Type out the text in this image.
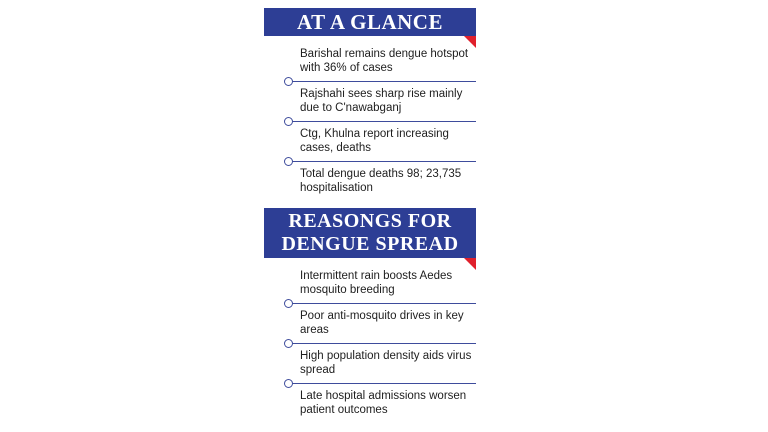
AT A GLANCE
Barishal remains dengue hotspot with 36% of cases
Rajshahi sees sharp rise mainly due to C'nawabganj
Ctg, Khulna report increasing cases, deaths
Total dengue deaths 98; 23,735 hospitalisation
REASONGS FOR
DENGUE SPREAD
Intermittent rain boosts Aedes mosquito breeding
Poor anti-mosquito drives in key areas
High population density aids virus spread
Late hospital admissions worsen patient outcomes
